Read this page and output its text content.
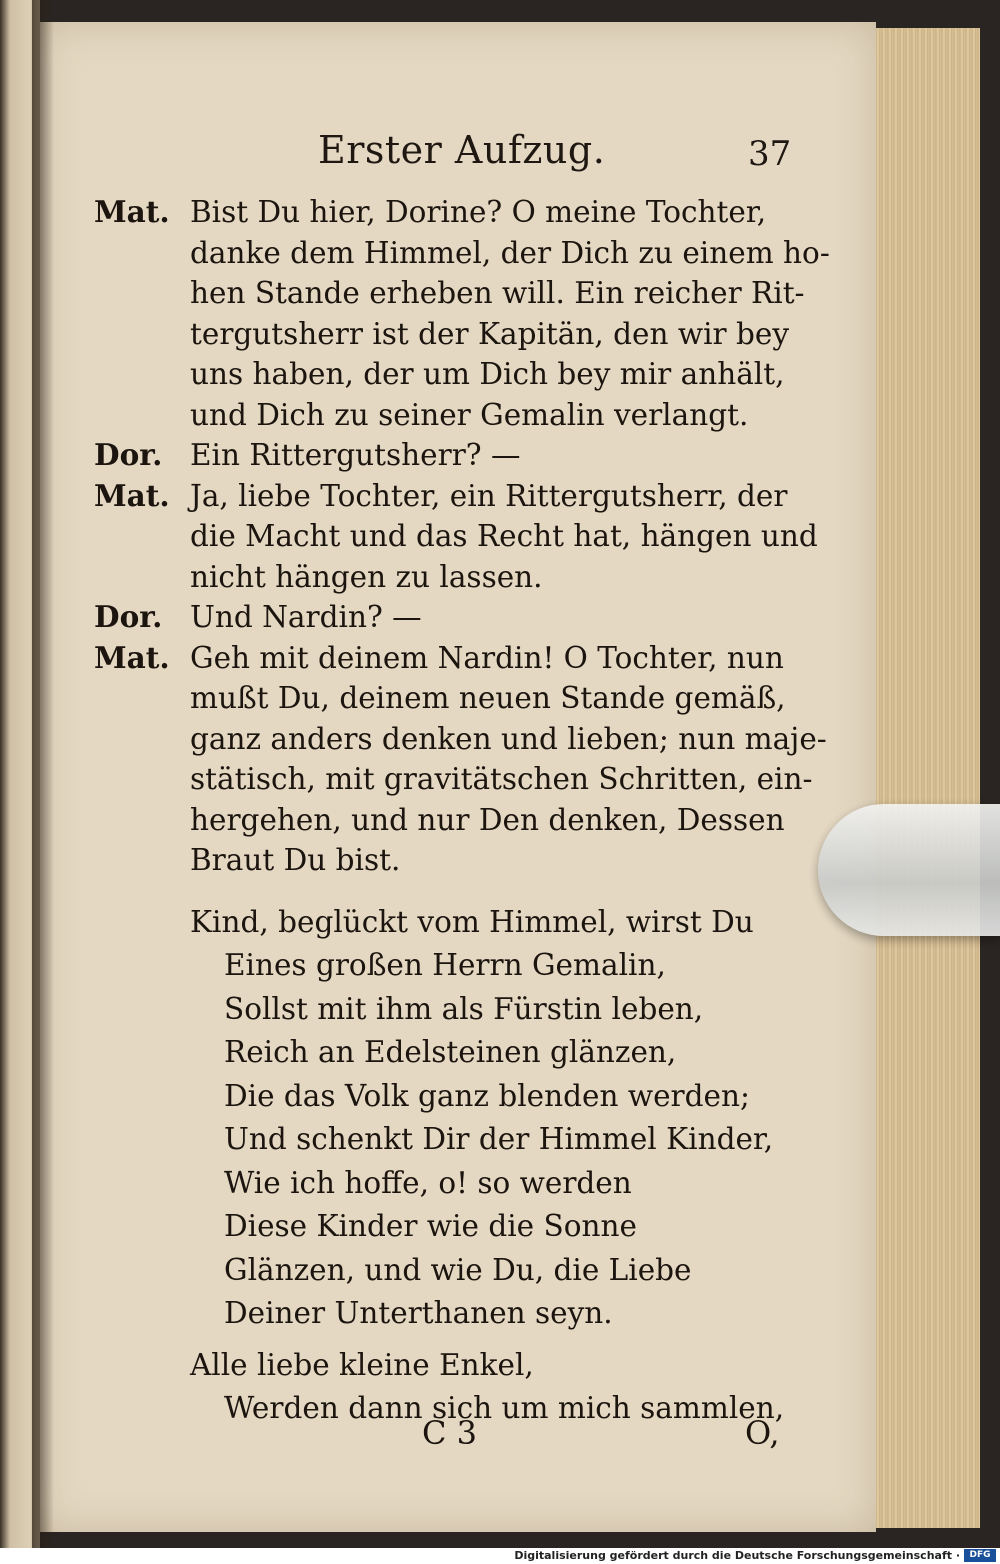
Erster Aufzug.	37
Mat. Bist Du hier, Dorine? O meine Tochter,
danke dem Himmel, der Dich zu einem ho-
hen Stande erheben will. Ein reicher Rit-
tergutsherr ist der Kapitän, den wir bey
uns haben, der um Dich bey mir anhält,
und Dich zu seiner Gemalin verlangt.
Dor. Ein Rittergutsherr? —
Mat. Ja, liebe Tochter, ein Rittergutsherr, der
die Macht und das Recht hat, hängen und
nicht hängen zu lassen.
Dor. Und Nardin? —
Mat. Geh mit deinem Nardin! O Tochter, nun
mußt Du, deinem neuen Stande gemäß,
ganz anders denken und lieben; nun maje-
stätisch, mit gravitätschen Schritten, ein-
hergehen, und nur Den denken, Dessen
Braut Du bist.
Kind, beglückt vom Himmel, wirst Du
Eines großen Herrn Gemalin,
Sollst mit ihm als Fürstin leben,
Reich an Edelsteinen glänzen,
Die das Volk ganz blenden werden;
Und schenkt Dir der Himmel Kinder,
Wie ich hoffe, o! so werden
Diese Kinder wie die Sonne
Glänzen, und wie Du, die Liebe
Deiner Unterthanen seyn.
Alle liebe kleine Enkel,
Werden dann sich um mich sammlen,
C 3	O,
Digitalisierung gefördert durch die Deutsche Forschungsgemeinschaft ·	DFG
